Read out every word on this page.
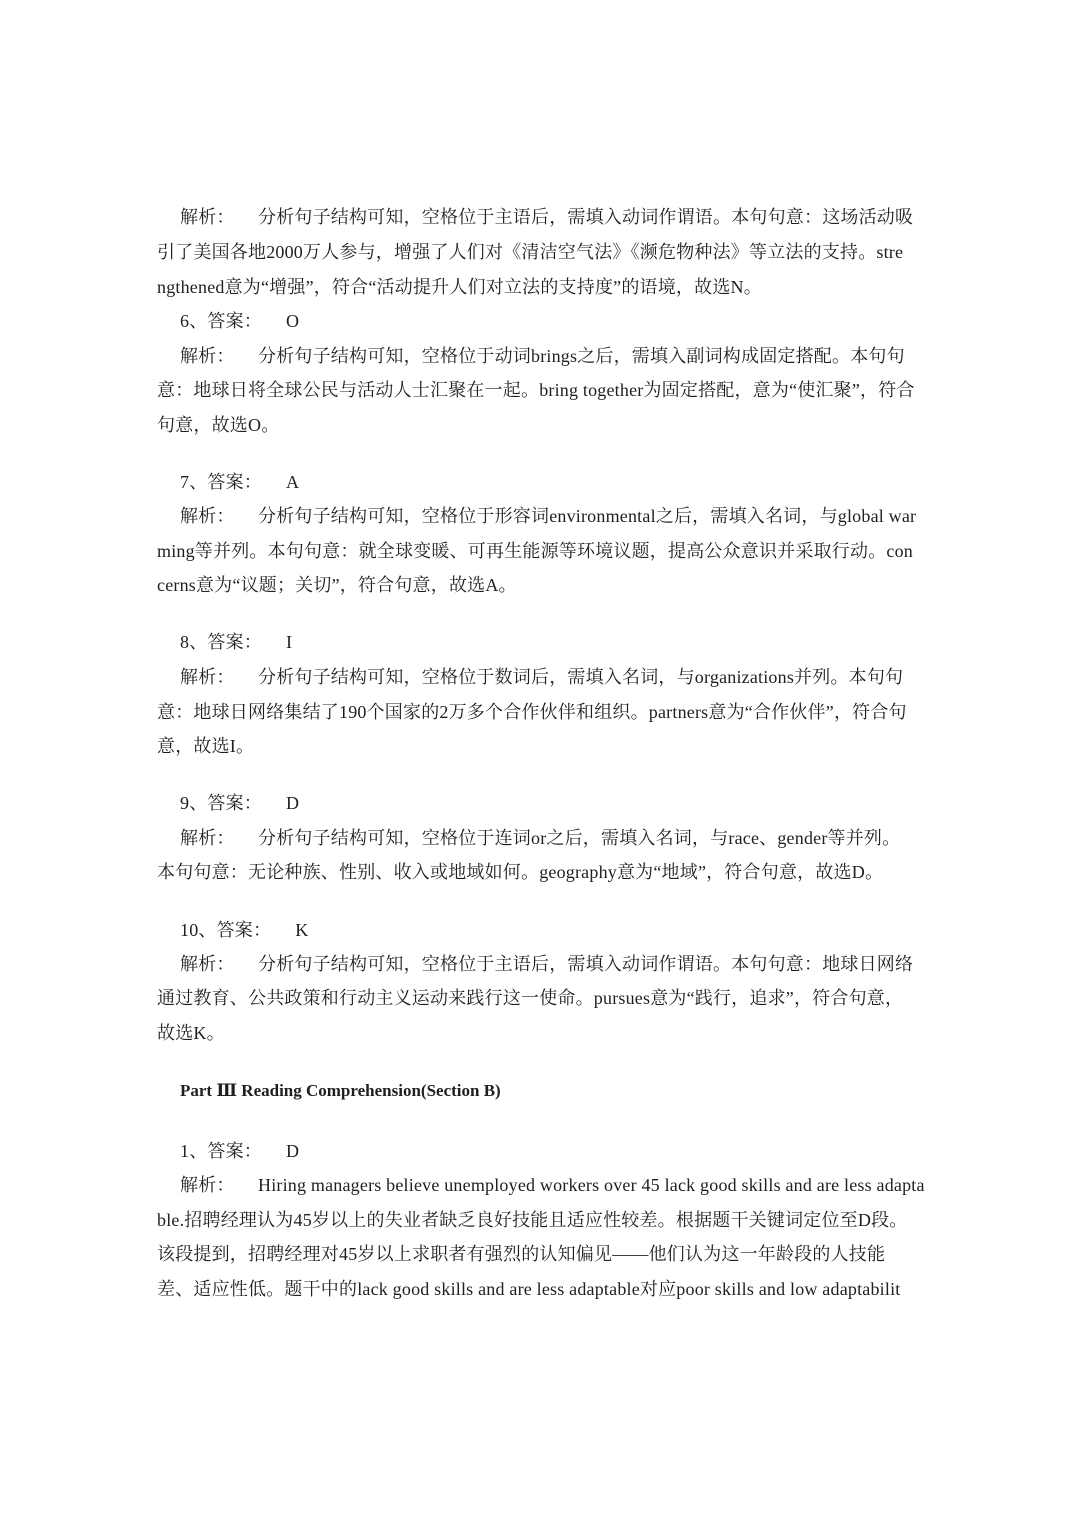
解析： 分析句子结构可知，空格位于主语后，需填入动词作谓语。本句句意：这场活动吸
引了美国各地2000万人参与，增强了人们对《清洁空气法》《濒危物种法》等立法的支持。stre
ngthened意为“增强”，符合“活动提升人们对立法的支持度”的语境，故选N。
6、答案： O
解析： 分析句子结构可知，空格位于动词brings之后，需填入副词构成固定搭配。本句句
意：地球日将全球公民与活动人士汇聚在一起。bring together为固定搭配，意为“使汇聚”，符合
句意，故选O。
7、答案： A
解析： 分析句子结构可知，空格位于形容词environmental之后，需填入名词，与global war
ming等并列。本句句意：就全球变暖、可再生能源等环境议题，提高公众意识并采取行动。con
cerns意为“议题；关切”，符合句意，故选A。
8、答案： I
解析： 分析句子结构可知，空格位于数词后，需填入名词，与organizations并列。本句句
意：地球日网络集结了190个国家的2万多个合作伙伴和组织。partners意为“合作伙伴”，符合句
意，故选I。
9、答案： D
解析： 分析句子结构可知，空格位于连词or之后，需填入名词，与race、gender等并列。
本句句意：无论种族、性别、收入或地域如何。geography意为“地域”，符合句意，故选D。
10、答案： K
解析： 分析句子结构可知，空格位于主语后，需填入动词作谓语。本句句意：地球日网络
通过教育、公共政策和行动主义运动来践行这一使命。pursues意为“践行，追求”，符合句意，
故选K。
Part Ⅲ Reading Comprehension(Section B)
1、答案： D
解析： Hiring managers believe unemployed workers over 45 lack good skills and are less adapta
ble.招聘经理认为45岁以上的失业者缺乏良好技能且适应性较差。根据题干关键词定位至D段。
该段提到，招聘经理对45岁以上求职者有强烈的认知偏见——他们认为这一年龄段的人技能
差、适应性低。题干中的lack good skills and are less adaptable对应poor skills and low adaptabilit
